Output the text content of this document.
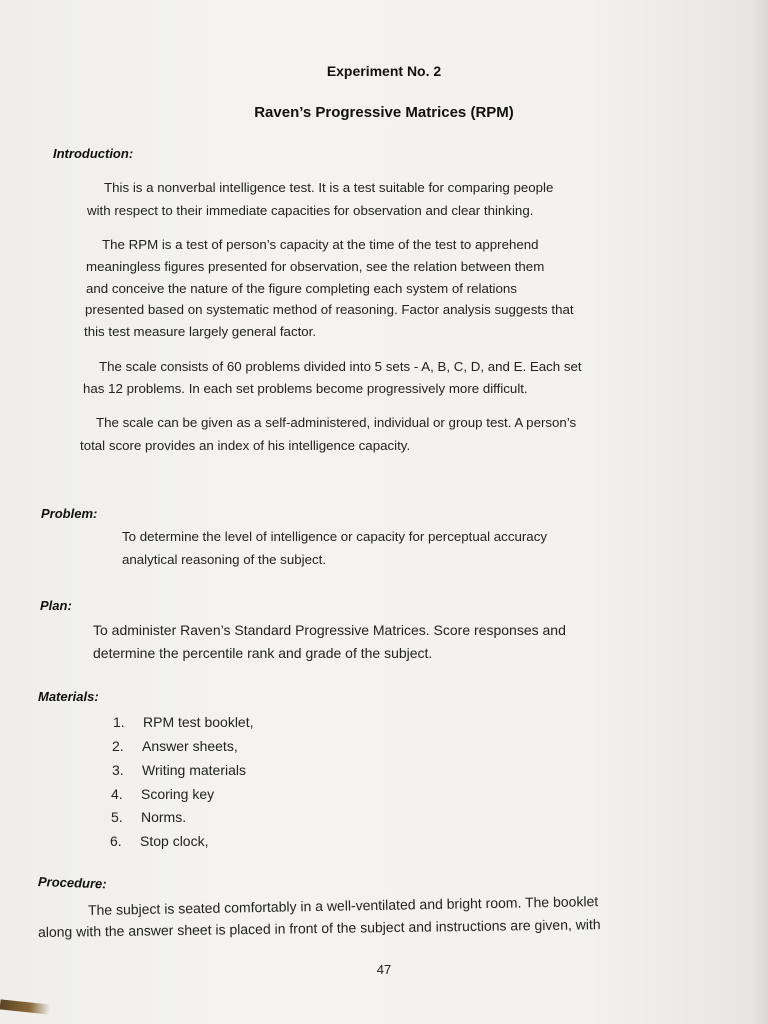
Experiment No. 2
Raven’s Progressive Matrices (RPM)
Introduction:
This is a nonverbal intelligence test. It is a test suitable for comparing people
with respect to their immediate capacities for observation and clear thinking.
The RPM is a test of person’s capacity at the time of the test to apprehend
meaningless figures presented for observation, see the relation between them
and conceive the nature of the figure completing each system of relations
presented based on systematic method of reasoning. Factor analysis suggests that
this test measure largely general factor.
The scale consists of 60 problems divided into 5 sets - A, B, C, D, and E. Each set
has 12 problems. In each set problems become progressively more difficult.
The scale can be given as a self-administered, individual or group test. A person’s
total score provides an index of his intelligence capacity.
Problem:
To determine the level of intelligence or capacity for perceptual accuracy
analytical reasoning of the subject.
Plan:
To administer Raven’s Standard Progressive Matrices. Score responses and
determine the percentile rank and grade of the subject.
Materials:
1. RPM test booklet,
2. Answer sheets,
3. Writing materials
4. Scoring key
5. Norms.
6. Stop clock,
Procedure:
The subject is seated comfortably in a well-ventilated and bright room. The booklet
along with the answer sheet is placed in front of the subject and instructions are given, with
47
